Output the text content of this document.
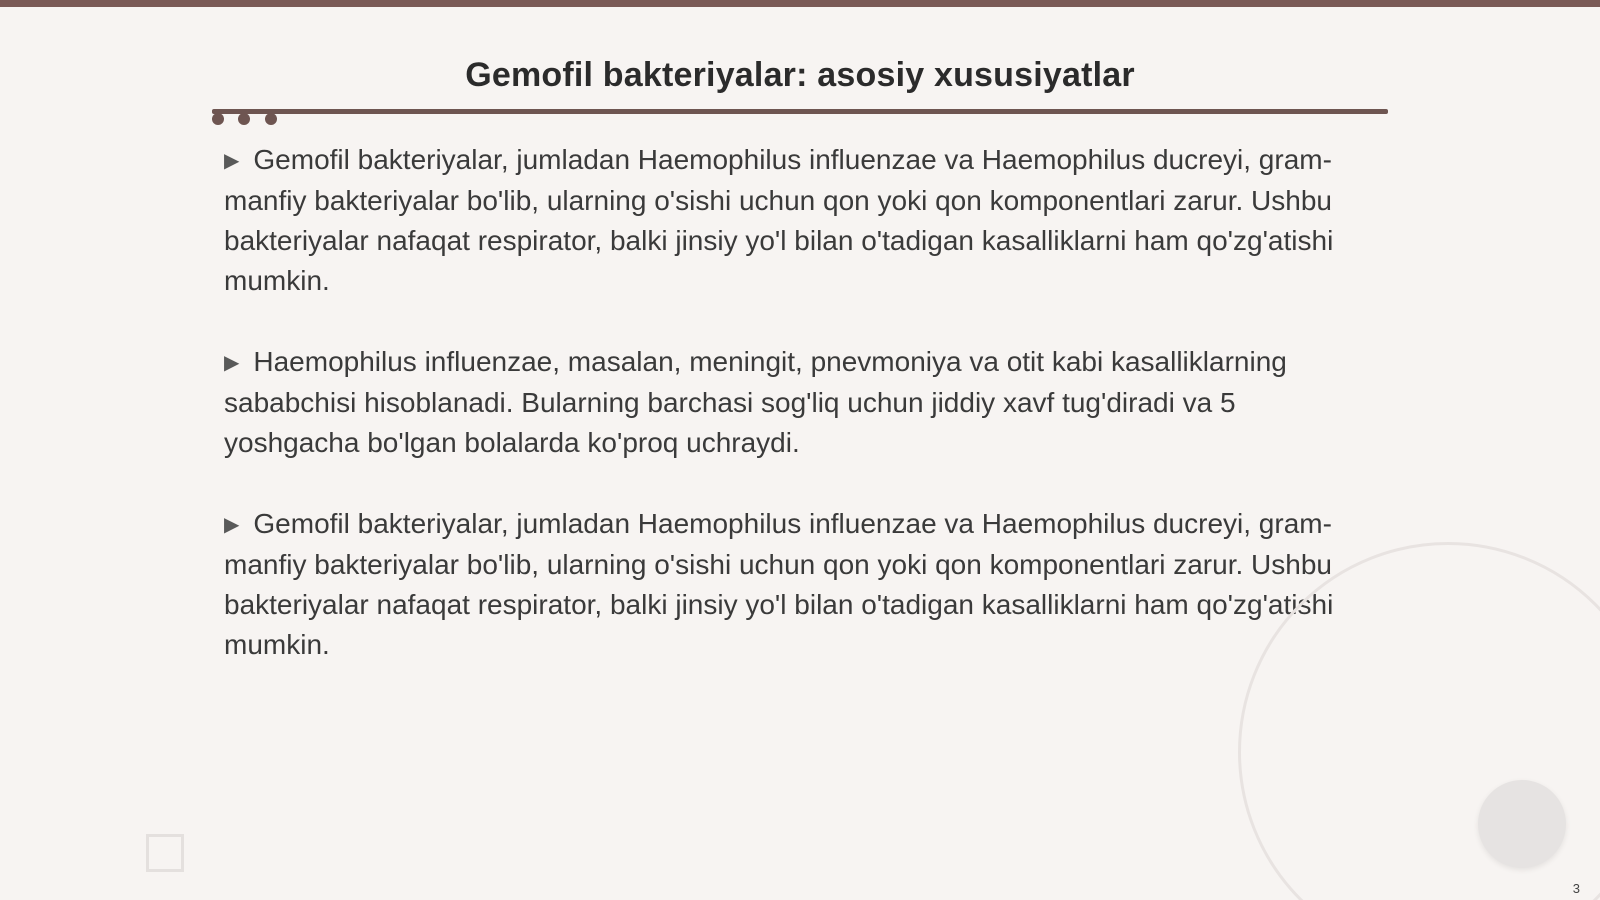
Gemofil bakteriyalar: asosiy xususiyatlar

▶ Gemofil bakteriyalar, jumladan Haemophilus influenzae va Haemophilus ducreyi, gram-manfiy bakteriyalar bo'lib, ularning o'sishi uchun qon yoki qon komponentlari zarur. Ushbu bakteriyalar nafaqat respirator, balki jinsiy yo'l bilan o'tadigan kasalliklarni ham qo'zg'atishi mumkin.

▶ Haemophilus influenzae, masalan, meningit, pnevmoniya va otit kabi kasalliklarning sababchisi hisoblanadi. Bularning barchasi sog'liq uchun jiddiy xavf tug'diradi va 5 yoshgacha bo'lgan bolalarda ko'proq uchraydi.

▶ Gemofil bakteriyalar, jumladan Haemophilus influenzae va Haemophilus ducreyi, gram-manfiy bakteriyalar bo'lib, ularning o'sishi uchun qon yoki qon komponentlari zarur. Ushbu bakteriyalar nafaqat respirator, balki jinsiy yo'l bilan o'tadigan kasalliklarni ham qo'zg'atishi mumkin.

3
